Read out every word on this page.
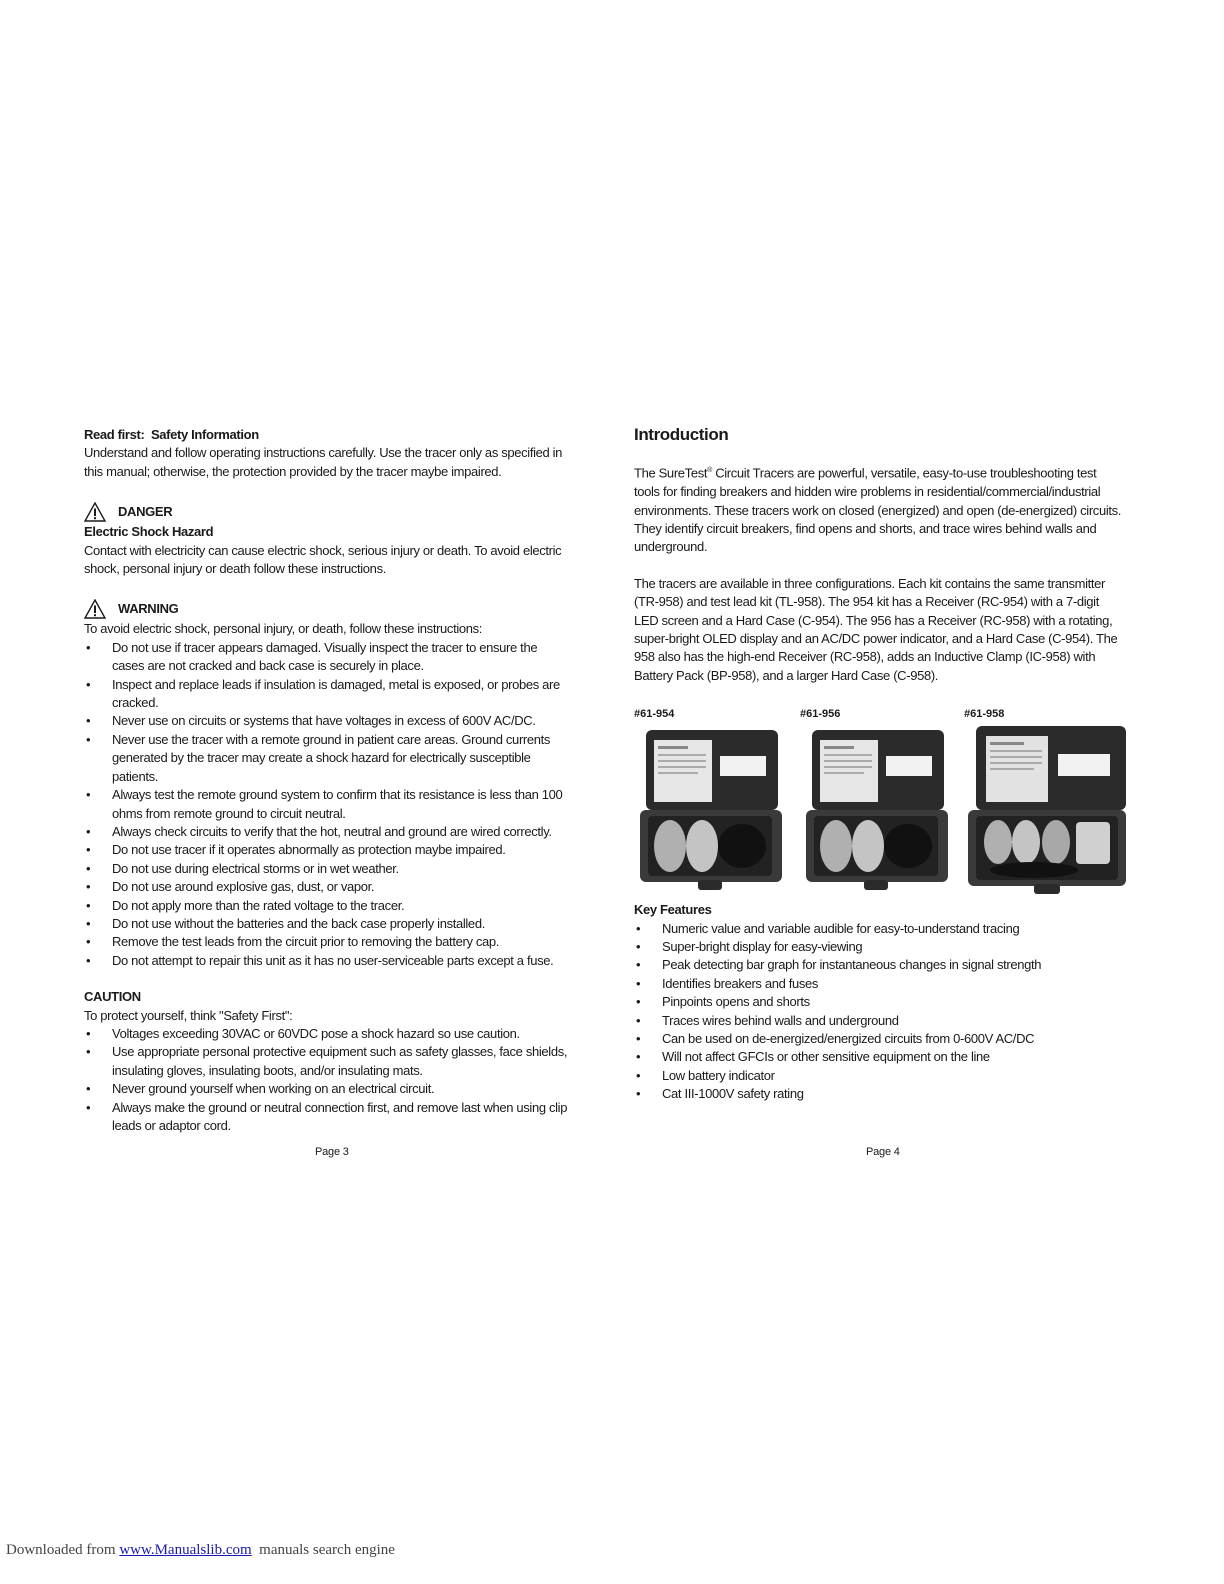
Read first: Safety Information

Understand and follow operating instructions carefully. Use the tracer only as specified in this manual; otherwise, the protection provided by the tracer maybe impaired.

DANGER

Electric Shock Hazard

Contact with electricity can cause electric shock, serious injury or death. To avoid electric shock, personal injury or death follow these instructions.

WARNING

To avoid electric shock, personal injury, or death, follow these instructions:

• Do not use if tracer appears damaged. Visually inspect the tracer to ensure the cases are not cracked and back case is securely in place.
• Inspect and replace leads if insulation is damaged, metal is exposed, or probes are cracked.
• Never use on circuits or systems that have voltages in excess of 600V AC/DC.
• Never use the tracer with a remote ground in patient care areas. Ground currents generated by the tracer may create a shock hazard for electrically susceptible patients.
• Always test the remote ground system to confirm that its resistance is less than 100 ohms from remote ground to circuit neutral.
• Always check circuits to verify that the hot, neutral and ground are wired correctly.
• Do not use tracer if it operates abnormally as protection maybe impaired.
• Do not use during electrical storms or in wet weather.
• Do not use around explosive gas, dust, or vapor.
• Do not apply more than the rated voltage to the tracer.
• Do not use without the batteries and the back case properly installed.
• Remove the test leads from the circuit prior to removing the battery cap.
• Do not attempt to repair this unit as it has no user-serviceable parts except a fuse.

CAUTION

To protect yourself, think "Safety First":

• Voltages exceeding 30VAC or 60VDC pose a shock hazard so use caution.
• Use appropriate personal protective equipment such as safety glasses, face shields, insulating gloves, insulating boots, and/or insulating mats.
• Never ground yourself when working on an electrical circuit.
• Always make the ground or neutral connection first, and remove last when using clip leads or adaptor cord.
Page 3

Introduction

The SureTest® Circuit Tracers are powerful, versatile, easy-to-use troubleshooting test tools for finding breakers and hidden wire problems in residential/commercial/industrial environments. These tracers work on closed (energized) and open (de-energized) circuits. They identify circuit breakers, find opens and shorts, and trace wires behind walls and underground.

The tracers are available in three configurations. Each kit contains the same transmitter (TR-958) and test lead kit (TL-958). The 954 kit has a Receiver (RC-954) with a 7-digit LED screen and a Hard Case (C-954). The 956 has a Receiver (RC-958) with a rotating, super-bright OLED display and an AC/DC power indicator, and a Hard Case (C-954). The 958 also has the high-end Receiver (RC-958), adds an Inductive Clamp (IC-958) with Battery Pack (BP-958), and a larger Hard Case (C-958).

#61-954	#61-956	#61-958

Key Features

• Numeric value and variable audible for easy-to-understand tracing
• Super-bright display for easy-viewing
• Peak detecting bar graph for instantaneous changes in signal strength
• Identifies breakers and fuses
• Pinpoints opens and shorts
• Traces wires behind walls and underground
• Can be used on de-energized/energized circuits from 0-600V AC/DC
• Will not affect GFCIs or other sensitive equipment on the line
• Low battery indicator
• Cat III-1000V safety rating
Page 4
Downloaded from www.Manualslib.com  manuals search engine
